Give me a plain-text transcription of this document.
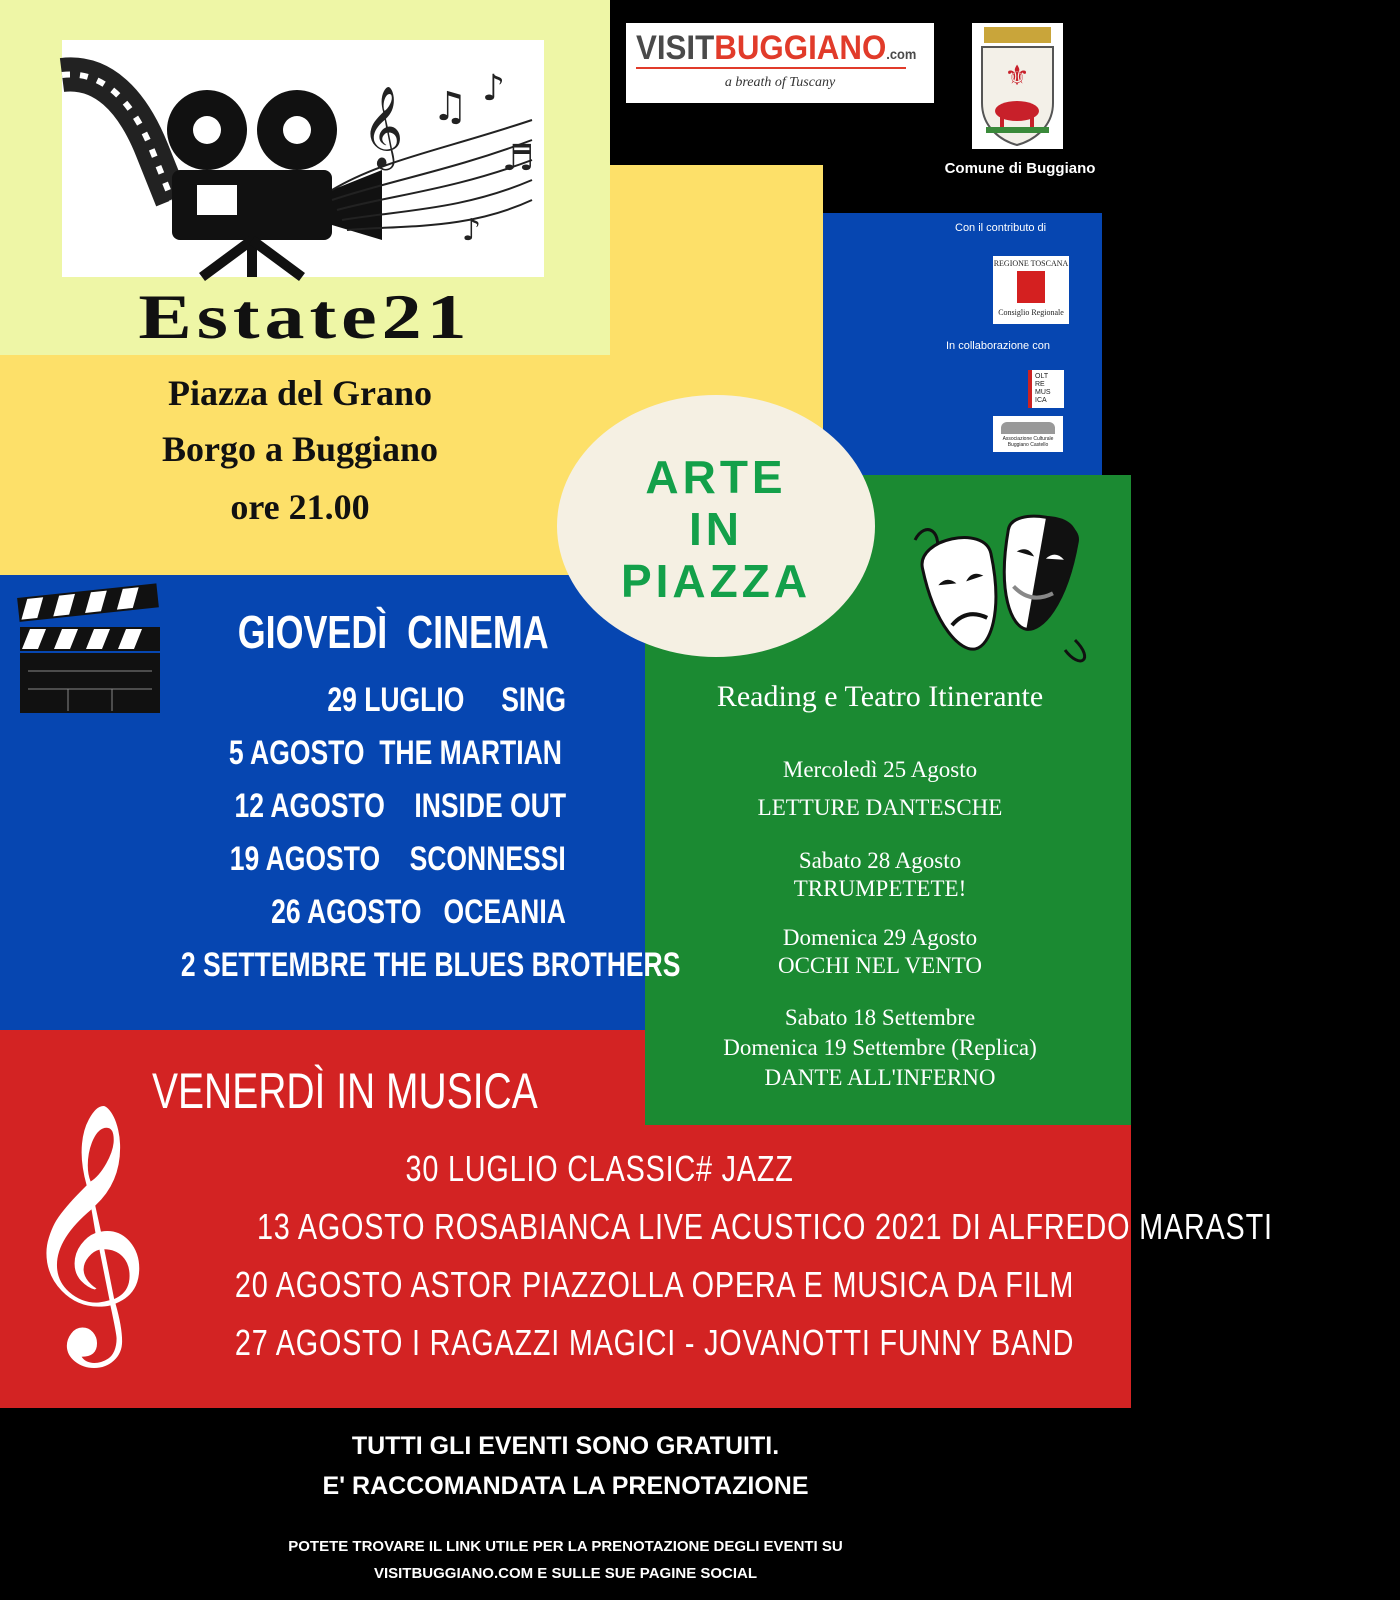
𝄞 ♫ ♪
♬
♪
Estate21
Piazza del Grano
Borgo a Buggiano
ore 21.00
VISITBUGGIANO.com
a breath of Tuscany	⚜
Comune di Buggiano
Con il contributo di
REGIONE TOSCANA
Consiglio Regionale
In collaborazione con
OLT
RE
MUS
ICA
Associazione Culturale Buggiano Castello
ARTE
IN
PIAZZA
GIOVEDÌ  CINEMA
29 LUGLIO     SING
5 AGOSTO  THE MARTIAN
12 AGOSTO    INSIDE OUT
19 AGOSTO    SCONNESSI
26 AGOSTO   OCEANIA
2 SETTEMBRE THE BLUES BROTHERS
Reading e Teatro Itinerante
Mercoledì 25 Agosto
LETTURE DANTESCHE
Sabato 28 Agosto
TRRUMPETETE!
Domenica 29 Agosto
OCCHI NEL VENTO
Sabato 18 Settembre
Domenica 19 Settembre (Replica)
DANTE ALL'INFERNO
VENERDÌ IN MUSICA
𝄞	30 LUGLIO CLASSIC# JAZZ
13 AGOSTO ROSABIANCA LIVE ACUSTICO 2021 DI ALFREDO MARASTI
20 AGOSTO ASTOR PIAZZOLLA OPERA E MUSICA DA FILM
27 AGOSTO I RAGAZZI MAGICI - JOVANOTTI FUNNY BAND
TUTTI GLI EVENTI SONO GRATUITI.
E' RACCOMANDATA LA PRENOTAZIONE
POTETE TROVARE IL LINK UTILE PER LA PRENOTAZIONE DEGLI EVENTI SU
VISITBUGGIANO.COM E SULLE SUE PAGINE SOCIAL
